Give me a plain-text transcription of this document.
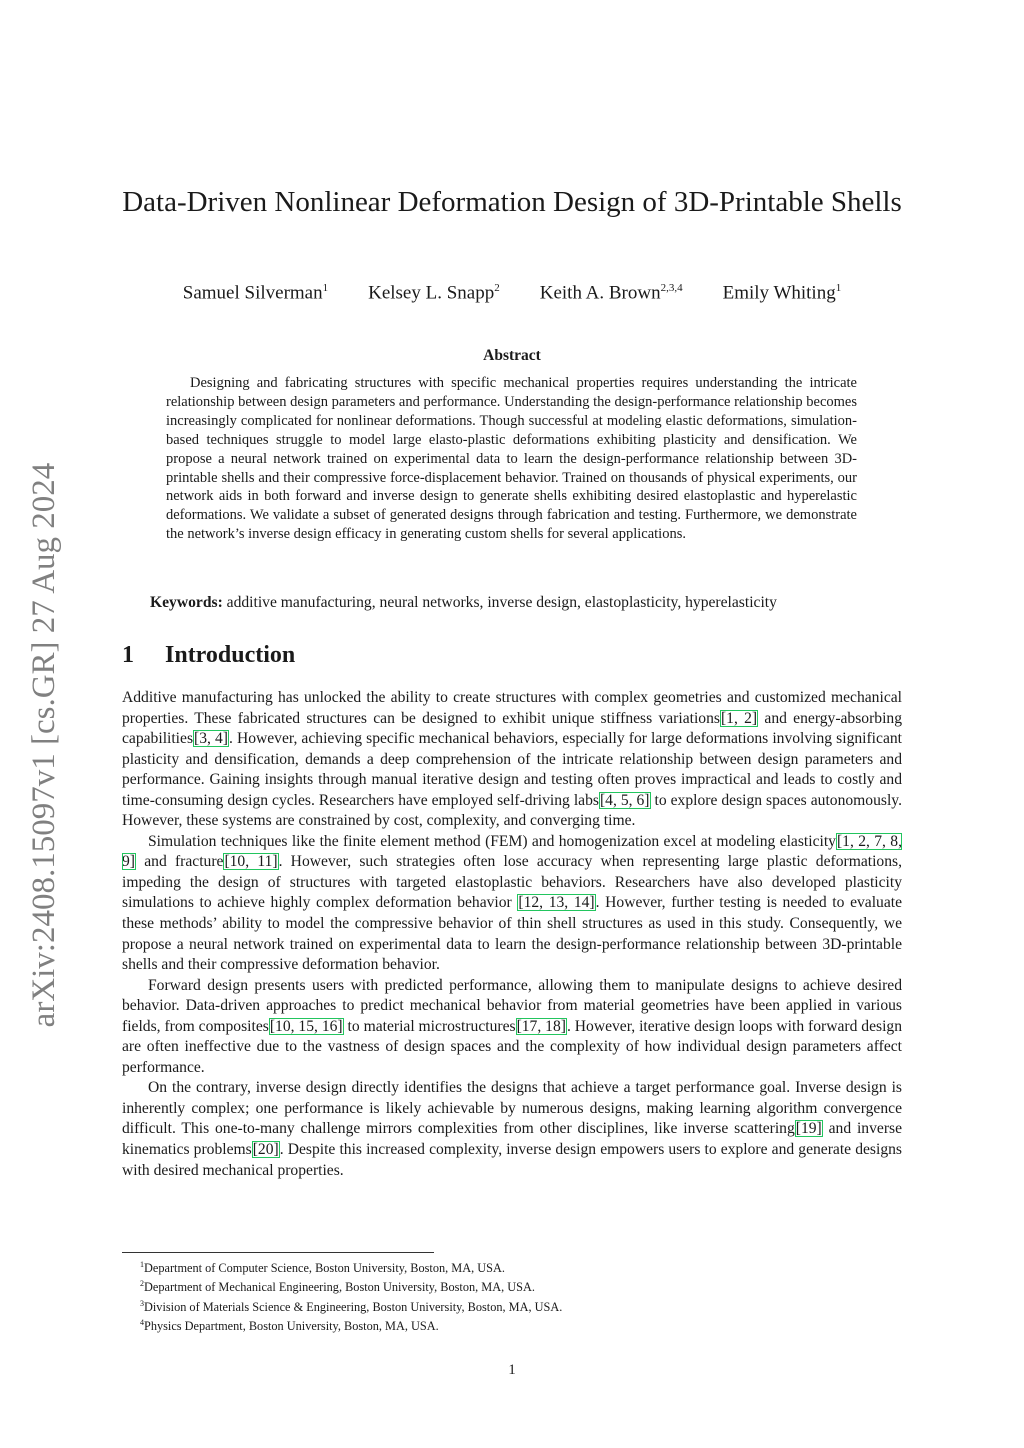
arXiv:2408.15097v1 [cs.GR] 27 Aug 2024
Data-Driven Nonlinear Deformation Design of 3D-Printable Shells
Samuel Silverman$^1$ Kelsey L. Snapp$^2$ Keith A. Brown$^{2,3,4}$ Emily Whiting$^1$
Abstract

Designing and fabricating structures with specific mechanical properties requires understanding the intricate relationship between design parameters and performance. Understanding the design-performance relationship becomes increasingly complicated for nonlinear deformations. Though successful at modeling elastic deformations, simulation-based techniques struggle to model large elasto-plastic deformations exhibiting plasticity and densification. We propose a neural network trained on experimental data to learn the design-performance relationship between 3D-printable shells and their compressive force-displacement behavior. Trained on thousands of physical experiments, our network aids in both forward and inverse design to generate shells exhibiting desired elastoplastic and hyperelastic deformations. We validate a subset of generated designs through fabrication and testing. Furthermore, we demonstrate the network’s inverse design efficacy in generating custom shells for several applications.

Keywords: additive manufacturing, neural networks, inverse design, elastoplasticity, hyperelasticity
1 Introduction

Additive manufacturing has unlocked the ability to create structures with complex geometries and customized mechanical properties. These fabricated structures can be designed to exhibit unique stiffness variations[1, 2] and energy-absorbing capabilities[3, 4]. However, achieving specific mechanical behaviors, especially for large deformations involving significant plasticity and densification, demands a deep comprehension of the intricate relationship between design parameters and performance. Gaining insights through manual iterative design and testing often proves impractical and leads to costly and time-consuming design cycles. Researchers have employed self-driving labs[4, 5, 6] to explore design spaces autonomously. However, these systems are constrained by cost, complexity, and converging time.

Simulation techniques like the finite element method (FEM) and homogenization excel at modeling elasticity[1, 2, 7, 8, 9] and fracture[10, 11]. However, such strategies often lose accuracy when representing large plastic deformations, impeding the design of structures with targeted elastoplastic behaviors. Researchers have also developed plasticity simulations to achieve highly complex deformation behavior [12, 13, 14]. However, further testing is needed to evaluate these methods’ ability to model the compressive behavior of thin shell structures as used in this study. Consequently, we propose a neural network trained on experimental data to learn the design-performance relationship between 3D-printable shells and their compressive deformation behavior.

Forward design presents users with predicted performance, allowing them to manipulate designs to achieve desired behavior. Data-driven approaches to predict mechanical behavior from material geometries have been applied in various fields, from composites[10, 15, 16] to material microstructures[17, 18]. However, iterative design loops with forward design are often ineffective due to the vastness of design spaces and the complexity of how individual design parameters affect performance.

On the contrary, inverse design directly identifies the designs that achieve a target performance goal. Inverse design is inherently complex; one performance is likely achievable by numerous designs, making learning algorithm convergence difficult. This one-to-many challenge mirrors complexities from other disciplines, like inverse scattering[19] and inverse kinematics problems[20]. Despite this increased complexity, inverse design empowers users to explore and generate designs with desired mechanical properties.

$^1$Department of Computer Science, Boston University, Boston, MA, USA.
$^2$Department of Mechanical Engineering, Boston University, Boston, MA, USA.
$^3$Division of Materials Science & Engineering, Boston University, Boston, MA, USA.
$^4$Physics Department, Boston University, Boston, MA, USA.
1
